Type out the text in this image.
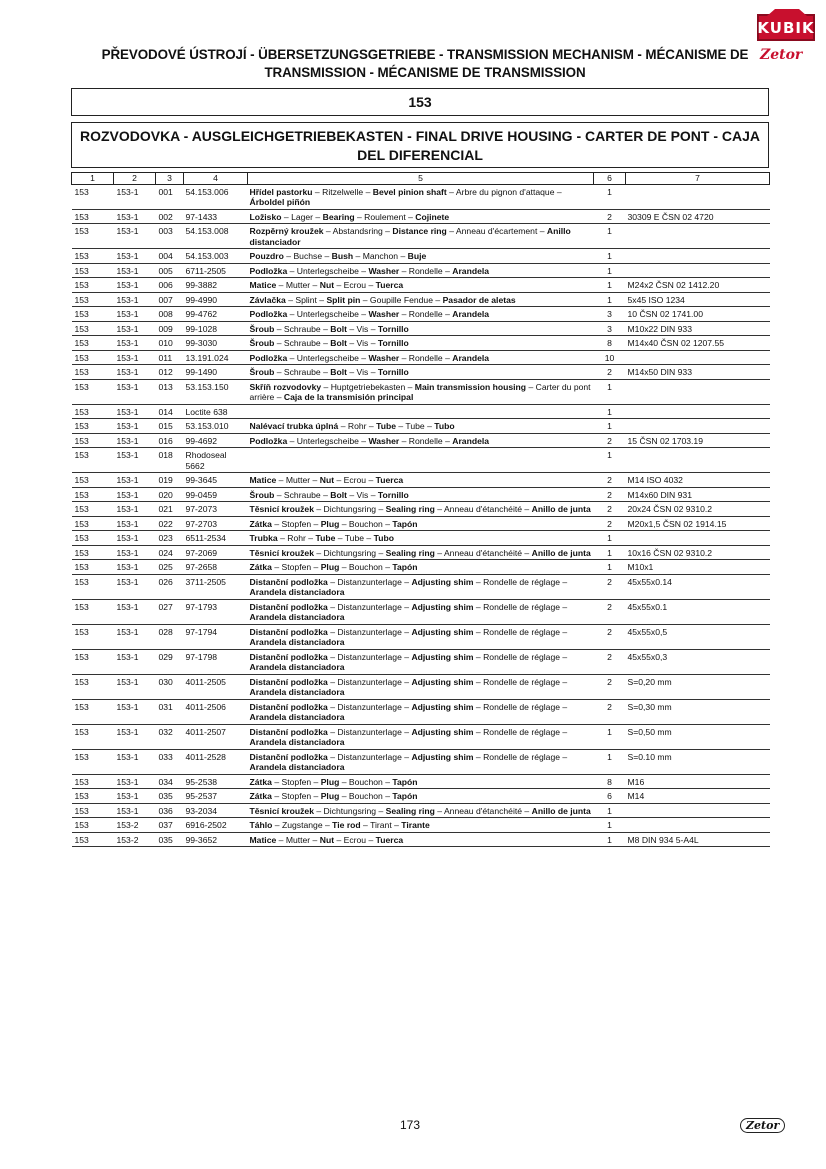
KUBIK
Zetor
PŘEVODOVÉ ÚSTROJÍ - ÜBERSETZUNGSGETRIEBE - TRANSMISSION MECHANISM - MÉCANISME DE
TRANSMISSION - MÉCANISME DE TRANSMISSION
153
ROZVODOVKA - AUSGLEICHGETRIEBEKASTEN - FINAL DRIVE HOUSING - CARTER DE PONT - CAJA
DEL DIFERENCIAL
1	2	3	4	5	6	7
153	153-1	001	54.153.006	Hřídel pastorku – Ritzelwelle – Bevel pinion shaft – Arbre du pignon d'attaque – Árboldel piñón	1	
153	153-1	002	97-1433	Ložisko – Lager – Bearing – Roulement – Cojinete	2	30309 E ČSN 02 4720
153	153-1	003	54.153.008	Rozpěrný kroužek – Abstandsring – Distance ring – Anneau d'écartement – Anillo distanciador	1	
153	153-1	004	54.153.003	Pouzdro – Buchse – Bush – Manchon – Buje	1	
153	153-1	005	6711-2505	Podložka – Unterlegscheibe – Washer – Rondelle – Arandela	1	
153	153-1	006	99-3882	Matice – Mutter – Nut – Ecrou – Tuerca	1	M24x2 ČSN 02 1412.20
153	153-1	007	99-4990	Závlačka – Splint – Split pin – Goupille Fendue – Pasador de aletas	1	5x45 ISO 1234
153	153-1	008	99-4762	Podložka – Unterlegscheibe – Washer – Rondelle – Arandela	3	10 ČSN 02 1741.00
153	153-1	009	99-1028	Šroub – Schraube – Bolt – Vis – Tornillo	3	M10x22 DIN 933
153	153-1	010	99-3030	Šroub – Schraube – Bolt – Vis – Tornillo	8	M14x40 ČSN 02 1207.55
153	153-1	011	13.191.024	Podložka – Unterlegscheibe – Washer – Rondelle – Arandela	10	
153	153-1	012	99-1490	Šroub – Schraube – Bolt – Vis – Tornillo	2	M14x50 DIN 933
153	153-1	013	53.153.150	Skříň rozvodovky – Huptgetriebekasten – Main transmission housing – Carter du pont arrière – Caja de la transmisión principal	1	
153	153-1	014	Loctite 638		1	
153	153-1	015	53.153.010	Nalévací trubka úplná – Rohr – Tube – Tube – Tubo	1	
153	153-1	016	99-4692	Podložka – Unterlegscheibe – Washer – Rondelle – Arandela	2	15 ČSN 02 1703.19
153	153-1	018	Rhodoseal 5662		1	
153	153-1	019	99-3645	Matice – Mutter – Nut – Ecrou – Tuerca	2	M14 ISO 4032
153	153-1	020	99-0459	Šroub – Schraube – Bolt – Vis – Tornillo	2	M14x60 DIN 931
153	153-1	021	97-2073	Těsnicí kroužek – Dichtungsring – Sealing ring – Anneau d'étanchéité – Anillo de junta	2	20x24 ČSN 02 9310.2
153	153-1	022	97-2703	Zátka – Stopfen – Plug – Bouchon – Tapón	2	M20x1,5 ČSN 02 1914.15
153	153-1	023	6511-2534	Trubka – Rohr – Tube – Tube – Tubo	1	
153	153-1	024	97-2069	Těsnicí kroužek – Dichtungsring – Sealing ring – Anneau d'étanchéité – Anillo de junta	1	10x16 ČSN 02 9310.2
153	153-1	025	97-2658	Zátka – Stopfen – Plug – Bouchon – Tapón	1	M10x1
153	153-1	026	3711-2505	Distanční podložka – Distanzunterlage – Adjusting shim – Rondelle de réglage – Arandela distanciadora	2	45x55x0.14
153	153-1	027	97-1793	Distanční podložka – Distanzunterlage – Adjusting shim – Rondelle de réglage – Arandela distanciadora	2	45x55x0.1
153	153-1	028	97-1794	Distanční podložka – Distanzunterlage – Adjusting shim – Rondelle de réglage – Arandela distanciadora	2	45x55x0,5
153	153-1	029	97-1798	Distanční podložka – Distanzunterlage – Adjusting shim – Rondelle de réglage – Arandela distanciadora	2	45x55x0,3
153	153-1	030	4011-2505	Distanční podložka – Distanzunterlage – Adjusting shim – Rondelle de réglage – Arandela distanciadora	2	S=0,20 mm
153	153-1	031	4011-2506	Distanční podložka – Distanzunterlage – Adjusting shim – Rondelle de réglage – Arandela distanciadora	2	S=0,30 mm
153	153-1	032	4011-2507	Distanční podložka – Distanzunterlage – Adjusting shim – Rondelle de réglage – Arandela distanciadora	1	S=0,50 mm
153	153-1	033	4011-2528	Distanční podložka – Distanzunterlage – Adjusting shim – Rondelle de réglage – Arandela distanciadora	1	S=0.10 mm
153	153-1	034	95-2538	Zátka – Stopfen – Plug – Bouchon – Tapón	8	M16
153	153-1	035	95-2537	Zátka – Stopfen – Plug – Bouchon – Tapón	6	M14
153	153-1	036	93-2034	Těsnicí kroužek – Dichtungsring – Sealing ring – Anneau d'étanchéité – Anillo de junta	1	
153	153-2	037	6916-2502	Táhlo – Zugstange – Tie rod – Tirant – Tirante	1	
153	153-2	035	99-3652	Matice – Mutter – Nut – Ecrou – Tuerca	1	M8 DIN 934 5-A4L
173	Zetor
